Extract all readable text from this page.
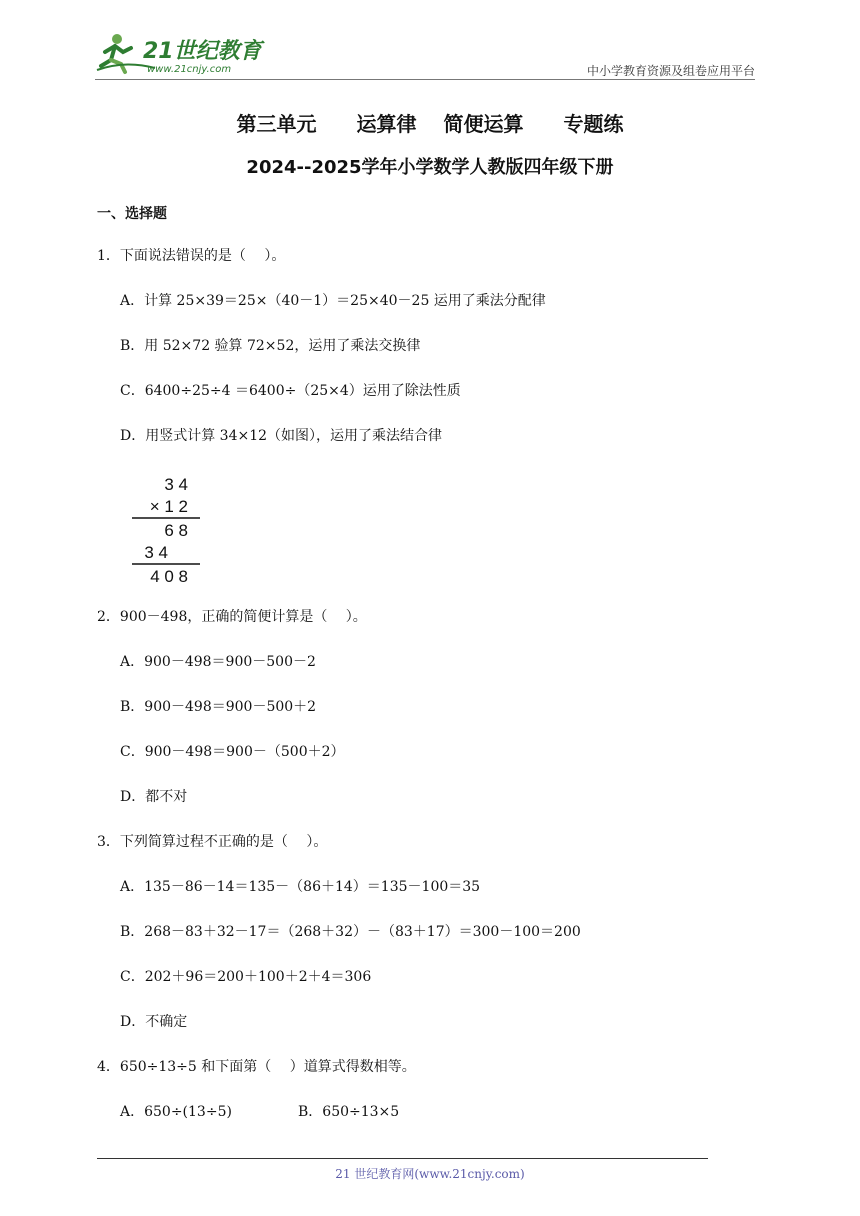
21世纪教育
www.21cnjy.com	中小学教育资源及组卷应用平台
第三单元　　运算律　 简便运算　　专题练
2024--2025学年小学数学人教版四年级下册
一、选择题
1．下面说法错误的是（　 ）。
A．计算 25×39＝25×（40－1）＝25×40－25 运用了乘法分配律
B．用 52×72 验算 72×52，运用了乘法交换律
C．6400÷25÷4 ＝6400÷（25×4）运用了除法性质
D．用竖式计算 34×12（如图），运用了乘法结合律
3 4
× 1 2
6 8
3 4
4 0 8
2．900－498，正确的简便计算是（　 ）。
A．900－498＝900－500－2
B．900－498＝900－500＋2
C．900－498＝900－（500＋2）
D．都不对
3．下列简算过程不正确的是（　 ）。
A．135－86－14＝135－（86＋14）＝135－100＝35
B．268－83＋32－17＝（268＋32）－（83＋17）＝300－100＝200
C．202＋96＝200＋100＋2＋4＝306
D．不确定
4．650÷13÷5 和下面第（　 ）道算式得数相等。
A．650÷(13÷5)	B．650÷13×5
21 世纪教育网(www.21cnjy.com)
